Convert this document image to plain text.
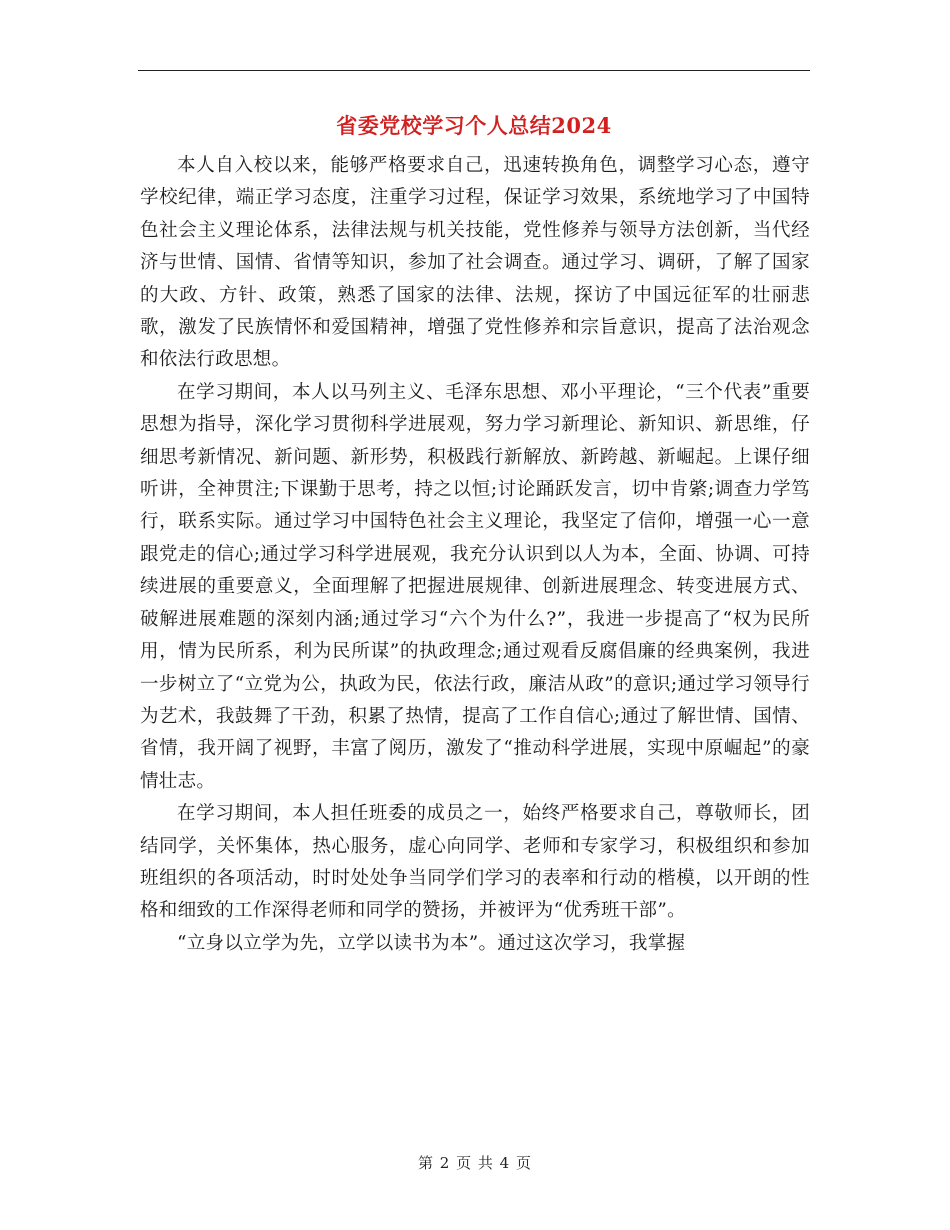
省委党校学习个人总结2024

本人自入校以来，能够严格要求自己，迅速转换角色，调整学习心态，遵守学校纪律，端正学习态度，注重学习过程，保证学习效果，系统地学习了中国特色社会主义理论体系，法律法规与机关技能，党性修养与领导方法创新，当代经济与世情、国情、省情等知识，参加了社会调查。通过学习、调研，了解了国家的大政、方针、政策，熟悉了国家的法律、法规，探访了中国远征军的壮丽悲歌，激发了民族情怀和爱国精神，增强了党性修养和宗旨意识，提高了法治观念和依法行政思想。

在学习期间，本人以马列主义、毛泽东思想、邓小平理论，“三个代表”重要思想为指导，深化学习贯彻科学进展观，努力学习新理论、新知识、新思维，仔细思考新情况、新问题、新形势，积极践行新解放、新跨越、新崛起。上课仔细听讲，全神贯注;下课勤于思考，持之以恒;讨论踊跃发言，切中肯綮;调查力学笃行，联系实际。通过学习中国特色社会主义理论，我坚定了信仰，增强一心一意跟党走的信心;通过学习科学进展观，我充分认识到以人为本，全面、协调、可持续进展的重要意义，全面理解了把握进展规律、创新进展理念、转变进展方式、破解进展难题的深刻内涵;通过学习“六个为什么?”，我进一步提高了“权为民所用，情为民所系，利为民所谋”的执政理念;通过观看反腐倡廉的经典案例，我进一步树立了“立党为公，执政为民，依法行政，廉洁从政”的意识;通过学习领导行为艺术，我鼓舞了干劲，积累了热情，提高了工作自信心;通过了解世情、国情、省情，我开阔了视野，丰富了阅历，激发了“推动科学进展，实现中原崛起”的豪情壮志。

在学习期间，本人担任班委的成员之一，始终严格要求自己，尊敬师长，团结同学，关怀集体，热心服务，虚心向同学、老师和专家学习，积极组织和参加班组织的各项活动，时时处处争当同学们学习的表率和行动的楷模，以开朗的性格和细致的工作深得老师和同学的赞扬，并被评为“优秀班干部”。

“立身以立学为先，立学以读书为本”。通过这次学习，我掌握

第 2 页 共 4 页
